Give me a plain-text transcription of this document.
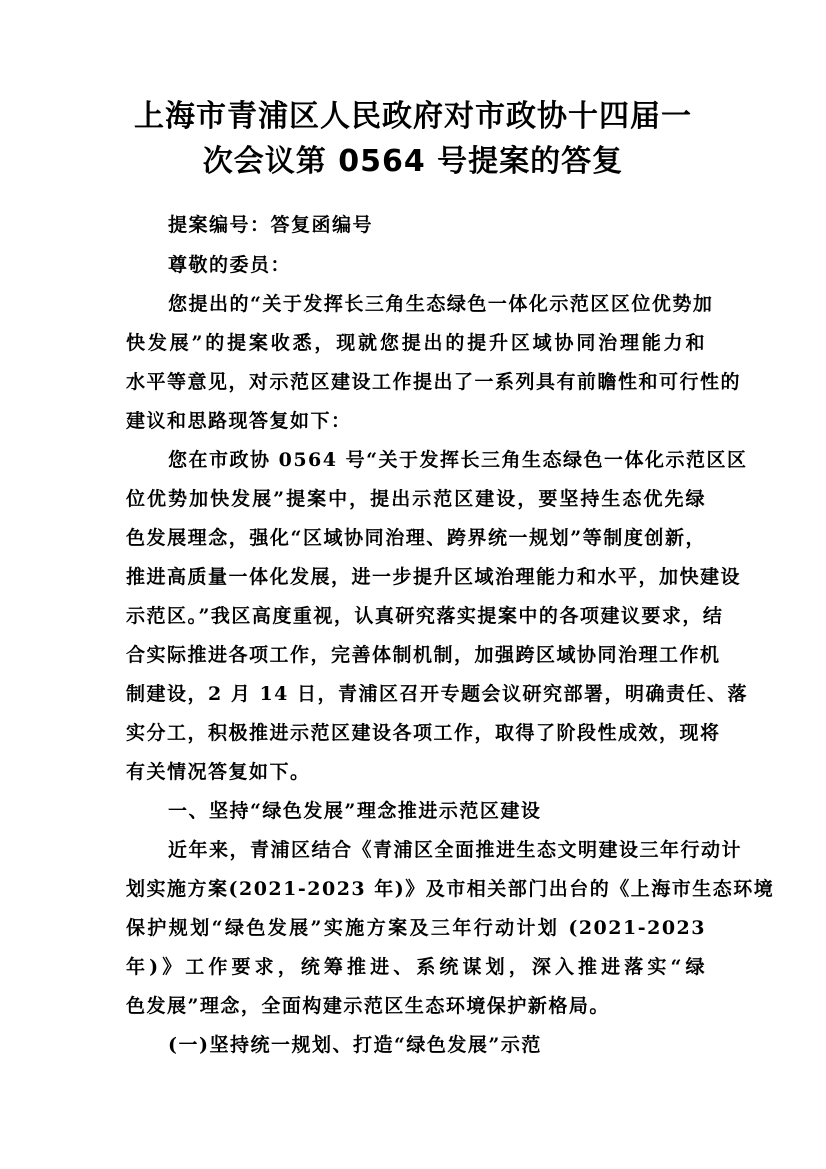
上海市青浦区人民政府对市政协十四届一
次会议第 0564 号提案的答复
提案编号：答复函编号
尊敬的委员：
您提出的“关于发挥长三角生态绿色一体化示范区区位优势加
快发展”的提案收悉，现就您提出的提升区域协同治理能力和
水平等意见，对示范区建设工作提出了一系列具有前瞻性和可行性的
建议和思路现答复如下：
您在市政协 0564 号“关于发挥长三角生态绿色一体化示范区区
位优势加快发展”提案中，提出示范区建设，要坚持生态优先绿
色发展理念，强化“区域协同治理、跨界统一规划”等制度创新，
推进高质量一体化发展，进一步提升区域治理能力和水平，加快建设
示范区。”我区高度重视，认真研究落实提案中的各项建议要求，结
合实际推进各项工作，完善体制机制，加强跨区域协同治理工作机
制建设，2 月 14 日，青浦区召开专题会议研究部署，明确责任、落
实分工，积极推进示范区建设各项工作，取得了阶段性成效，现将
有关情况答复如下。
一、坚持“绿色发展”理念推进示范区建设
近年来，青浦区结合《青浦区全面推进生态文明建设三年行动计
划实施方案(2021-2023 年)》及市相关部门出台的《上海市生态环境
保护规划“绿色发展”实施方案及三年行动计划 (2021-2023
年)》工作要求，统筹推进、系统谋划，深入推进落实“绿
色发展”理念，全面构建示范区生态环境保护新格局。
(一)坚持统一规划、打造“绿色发展”示范
